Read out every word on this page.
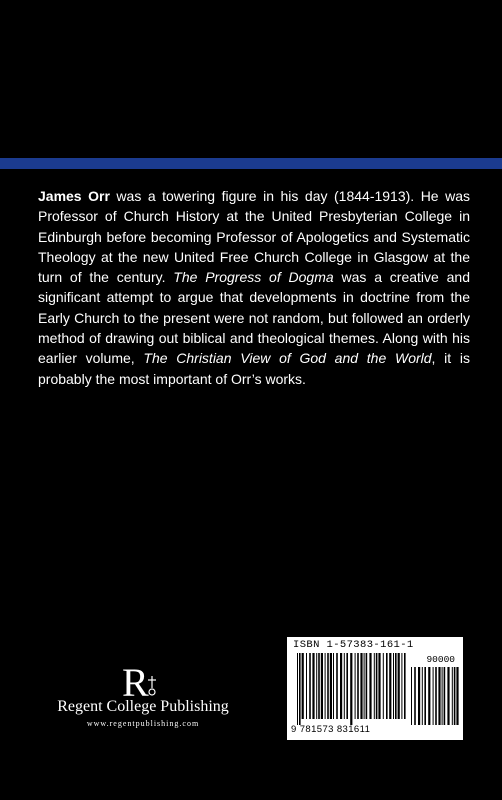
James Orr was a towering figure in his day (1844-1913). He was Professor of Church History at the United Presbyterian College in Edinburgh before becoming Professor of Apologetics and Systematic Theology at the new United Free Church College in Glasgow at the turn of the century. The Progress of Dogma was a creative and significant attempt to argue that developments in doctrine from the Early Church to the present were not random, but followed an orderly method of drawing out biblical and theological themes. Along with his earlier volume, The Christian View of God and the World, it is probably the most important of Orr’s works.

R

Regent College Publishing

www.regentpublishing.com

ISBN 1-57383-161-1
90000
9 781573 831611
